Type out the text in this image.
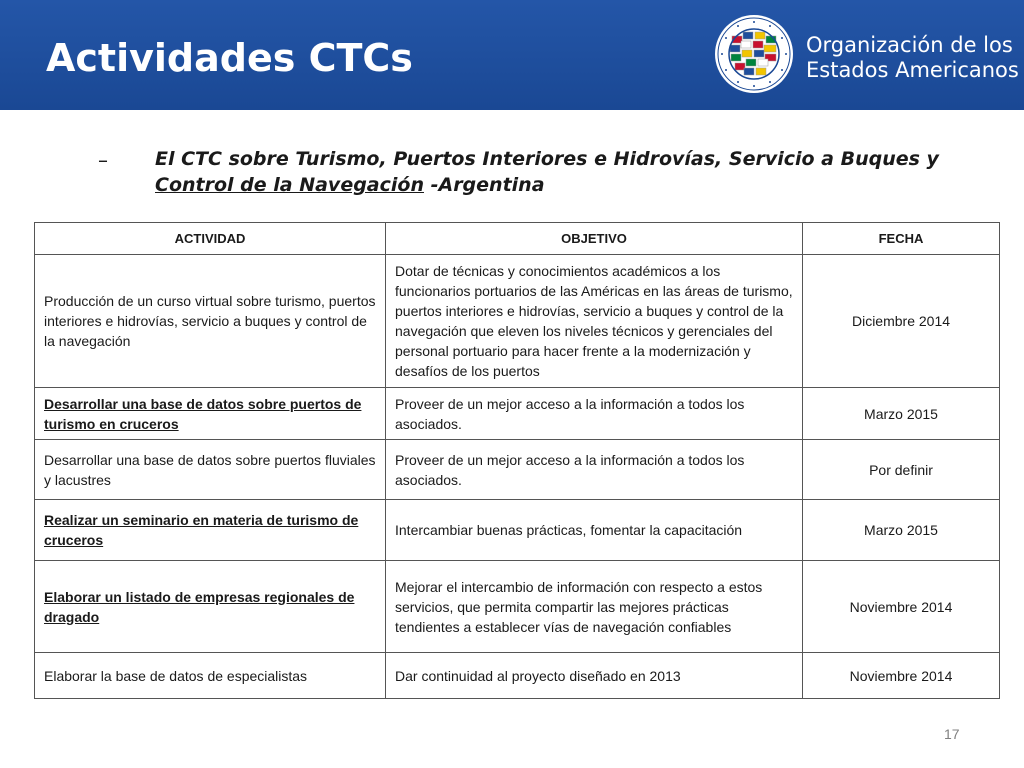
Actividades CTCs	Organización de los
Estados Americanos
– El CTC sobre Turismo, Puertos Interiores e Hidrovías, Servicio a Buques y Control de la Navegación -Argentina
ACTIVIDAD	OBJETIVO	FECHA
Producción de un curso virtual sobre turismo, puertos interiores e hidrovías, servicio a buques y control de la navegación	Dotar de técnicas y conocimientos académicos a los funcionarios portuarios de las Américas en las áreas de turismo, puertos interiores e hidrovías, servicio a buques y control de la navegación que eleven los niveles técnicos y gerenciales del personal portuario para hacer frente a la modernización y desafíos de los puertos	Diciembre 2014
Desarrollar una base de datos sobre puertos de turismo en cruceros	Proveer de un mejor acceso a la información a todos los asociados.	Marzo 2015
Desarrollar una base de datos sobre puertos fluviales y lacustres	Proveer de un mejor acceso a la información a todos los asociados.	Por definir
Realizar un seminario en materia de turismo de cruceros	Intercambiar buenas prácticas, fomentar la capacitación	Marzo 2015
Elaborar un listado de empresas regionales de dragado	Mejorar el intercambio de información con respecto a estos servicios, que permita compartir las mejores prácticas tendientes a establecer vías de navegación confiables	Noviembre 2014
Elaborar la base de datos de especialistas	Dar continuidad al proyecto diseñado en 2013	Noviembre 2014
17
